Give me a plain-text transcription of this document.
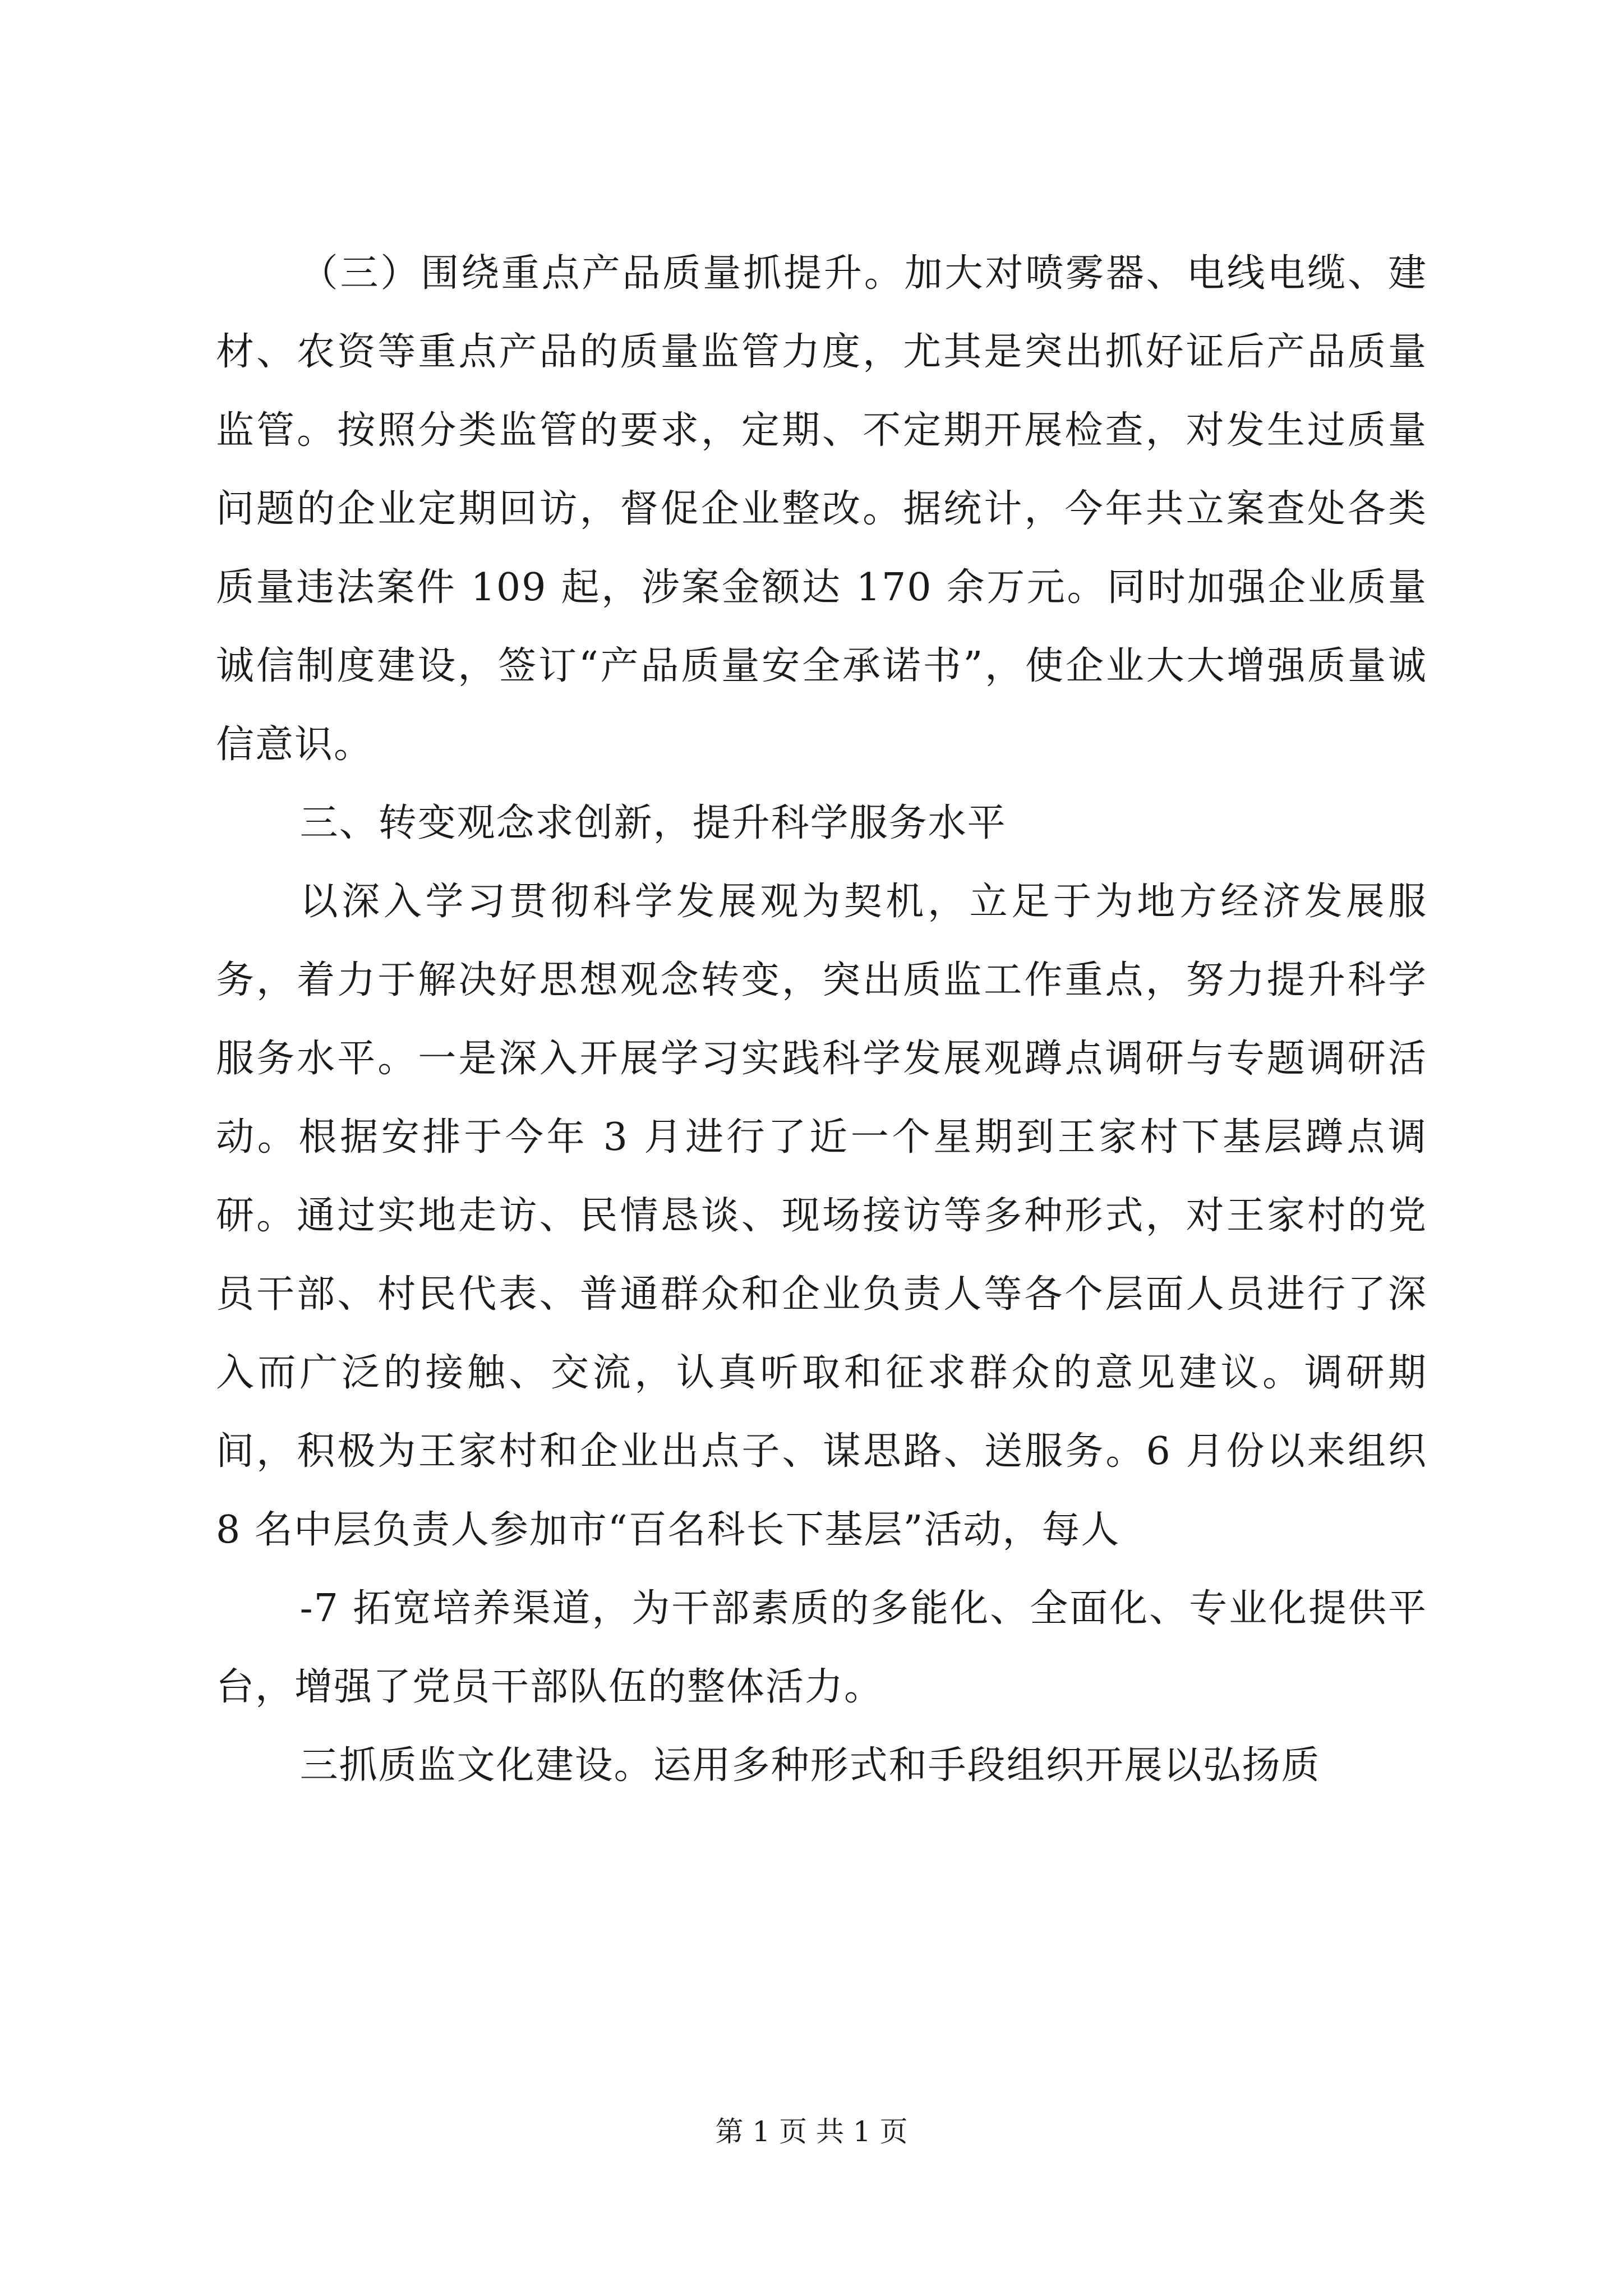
（三）围绕重点产品质量抓提升。加大对喷雾器、电线电缆、建材、农资等重点产品的质量监管力度，尤其是突出抓好证后产品质量监管。按照分类监管的要求，定期、不定期开展检查，对发生过质量问题的企业定期回访，督促企业整改。据统计，今年共立案查处各类质量违法案件 109 起，涉案金额达 170 余万元。同时加强企业质量诚信制度建设，签订“产品质量安全承诺书”，使企业大大增强质量诚信意识。

三、转变观念求创新，提升科学服务水平

以深入学习贯彻科学发展观为契机，立足于为地方经济发展服务，着力于解决好思想观念转变，突出质监工作重点，努力提升科学服务水平。一是深入开展学习实践科学发展观蹲点调研与专题调研活动。根据安排于今年 3 月进行了近一个星期到王家村下基层蹲点调研。通过实地走访、民情恳谈、现场接访等多种形式，对王家村的党员干部、村民代表、普通群众和企业负责人等各个层面人员进行了深入而广泛的接触、交流，认真听取和征求群众的意见建议。调研期间，积极为王家村和企业出点子、谋思路、送服务。6 月份以来组织 8 名中层负责人参加市“百名科长下基层”活动，每人

-7 拓宽培养渠道，为干部素质的多能化、全面化、专业化提供平台，增强了党员干部队伍的整体活力。

三抓质监文化建设。运用多种形式和手段组织开展以弘扬质

第 1 页 共 1 页
